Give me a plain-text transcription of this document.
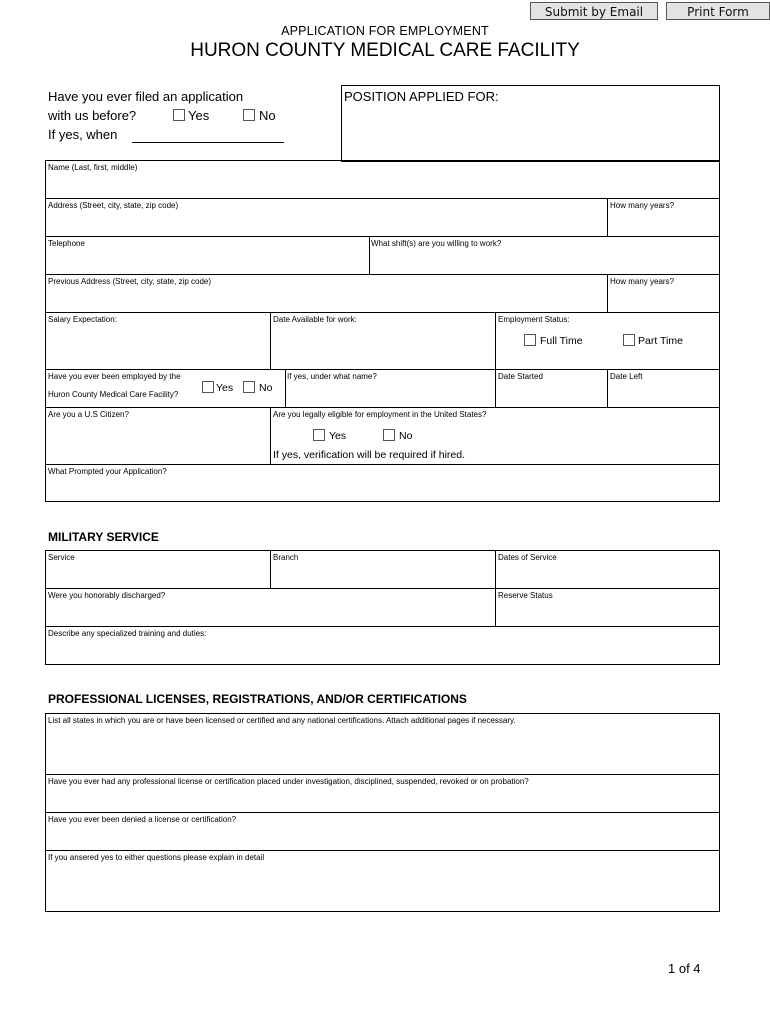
Submit by Email	Print Form
APPLICATION FOR EMPLOYMENT
HURON COUNTY MEDICAL CARE FACILITY
Have you ever filed an application
with us before?	Yes	No
If yes, when
POSITION APPLIED FOR:
Name (Last, first, middle)
Address (Street, city, state, zip code)	How many years?
Telephone	What shift(s) are you willing to work?
Previous Address (Street, city, state, zip code)	How many years?
Salary Expectation:	Date Available for work:	Employment Status:
Full Time	Part Time
Have you ever been employed by the
Huron County Medical Care Facility?
Yes No
If yes, under what name?	Date Started	Date Left
Are you a U.S Citizen?	Are you legally eligible for employment in the United States?
Yes	No
If yes, verification will be required if hired.
What Prompted your Application?
MILITARY SERVICE
Service	Branch	Dates of Service
Were you honorably discharged?	Reserve Status
Describe any specialized training and duties:
PROFESSIONAL LICENSES, REGISTRATIONS, AND/OR CERTIFICATIONS
List all states in which you are or have been licensed or certified and any national certifications. Attach additional pages if necessary.
Have you ever had any professional license or certification placed under investigation, disciplined, suspended, revoked or on probation?
Have you ever been denied a license or certification?
If you ansered yes to either questions please explain in detail
1 of 4
